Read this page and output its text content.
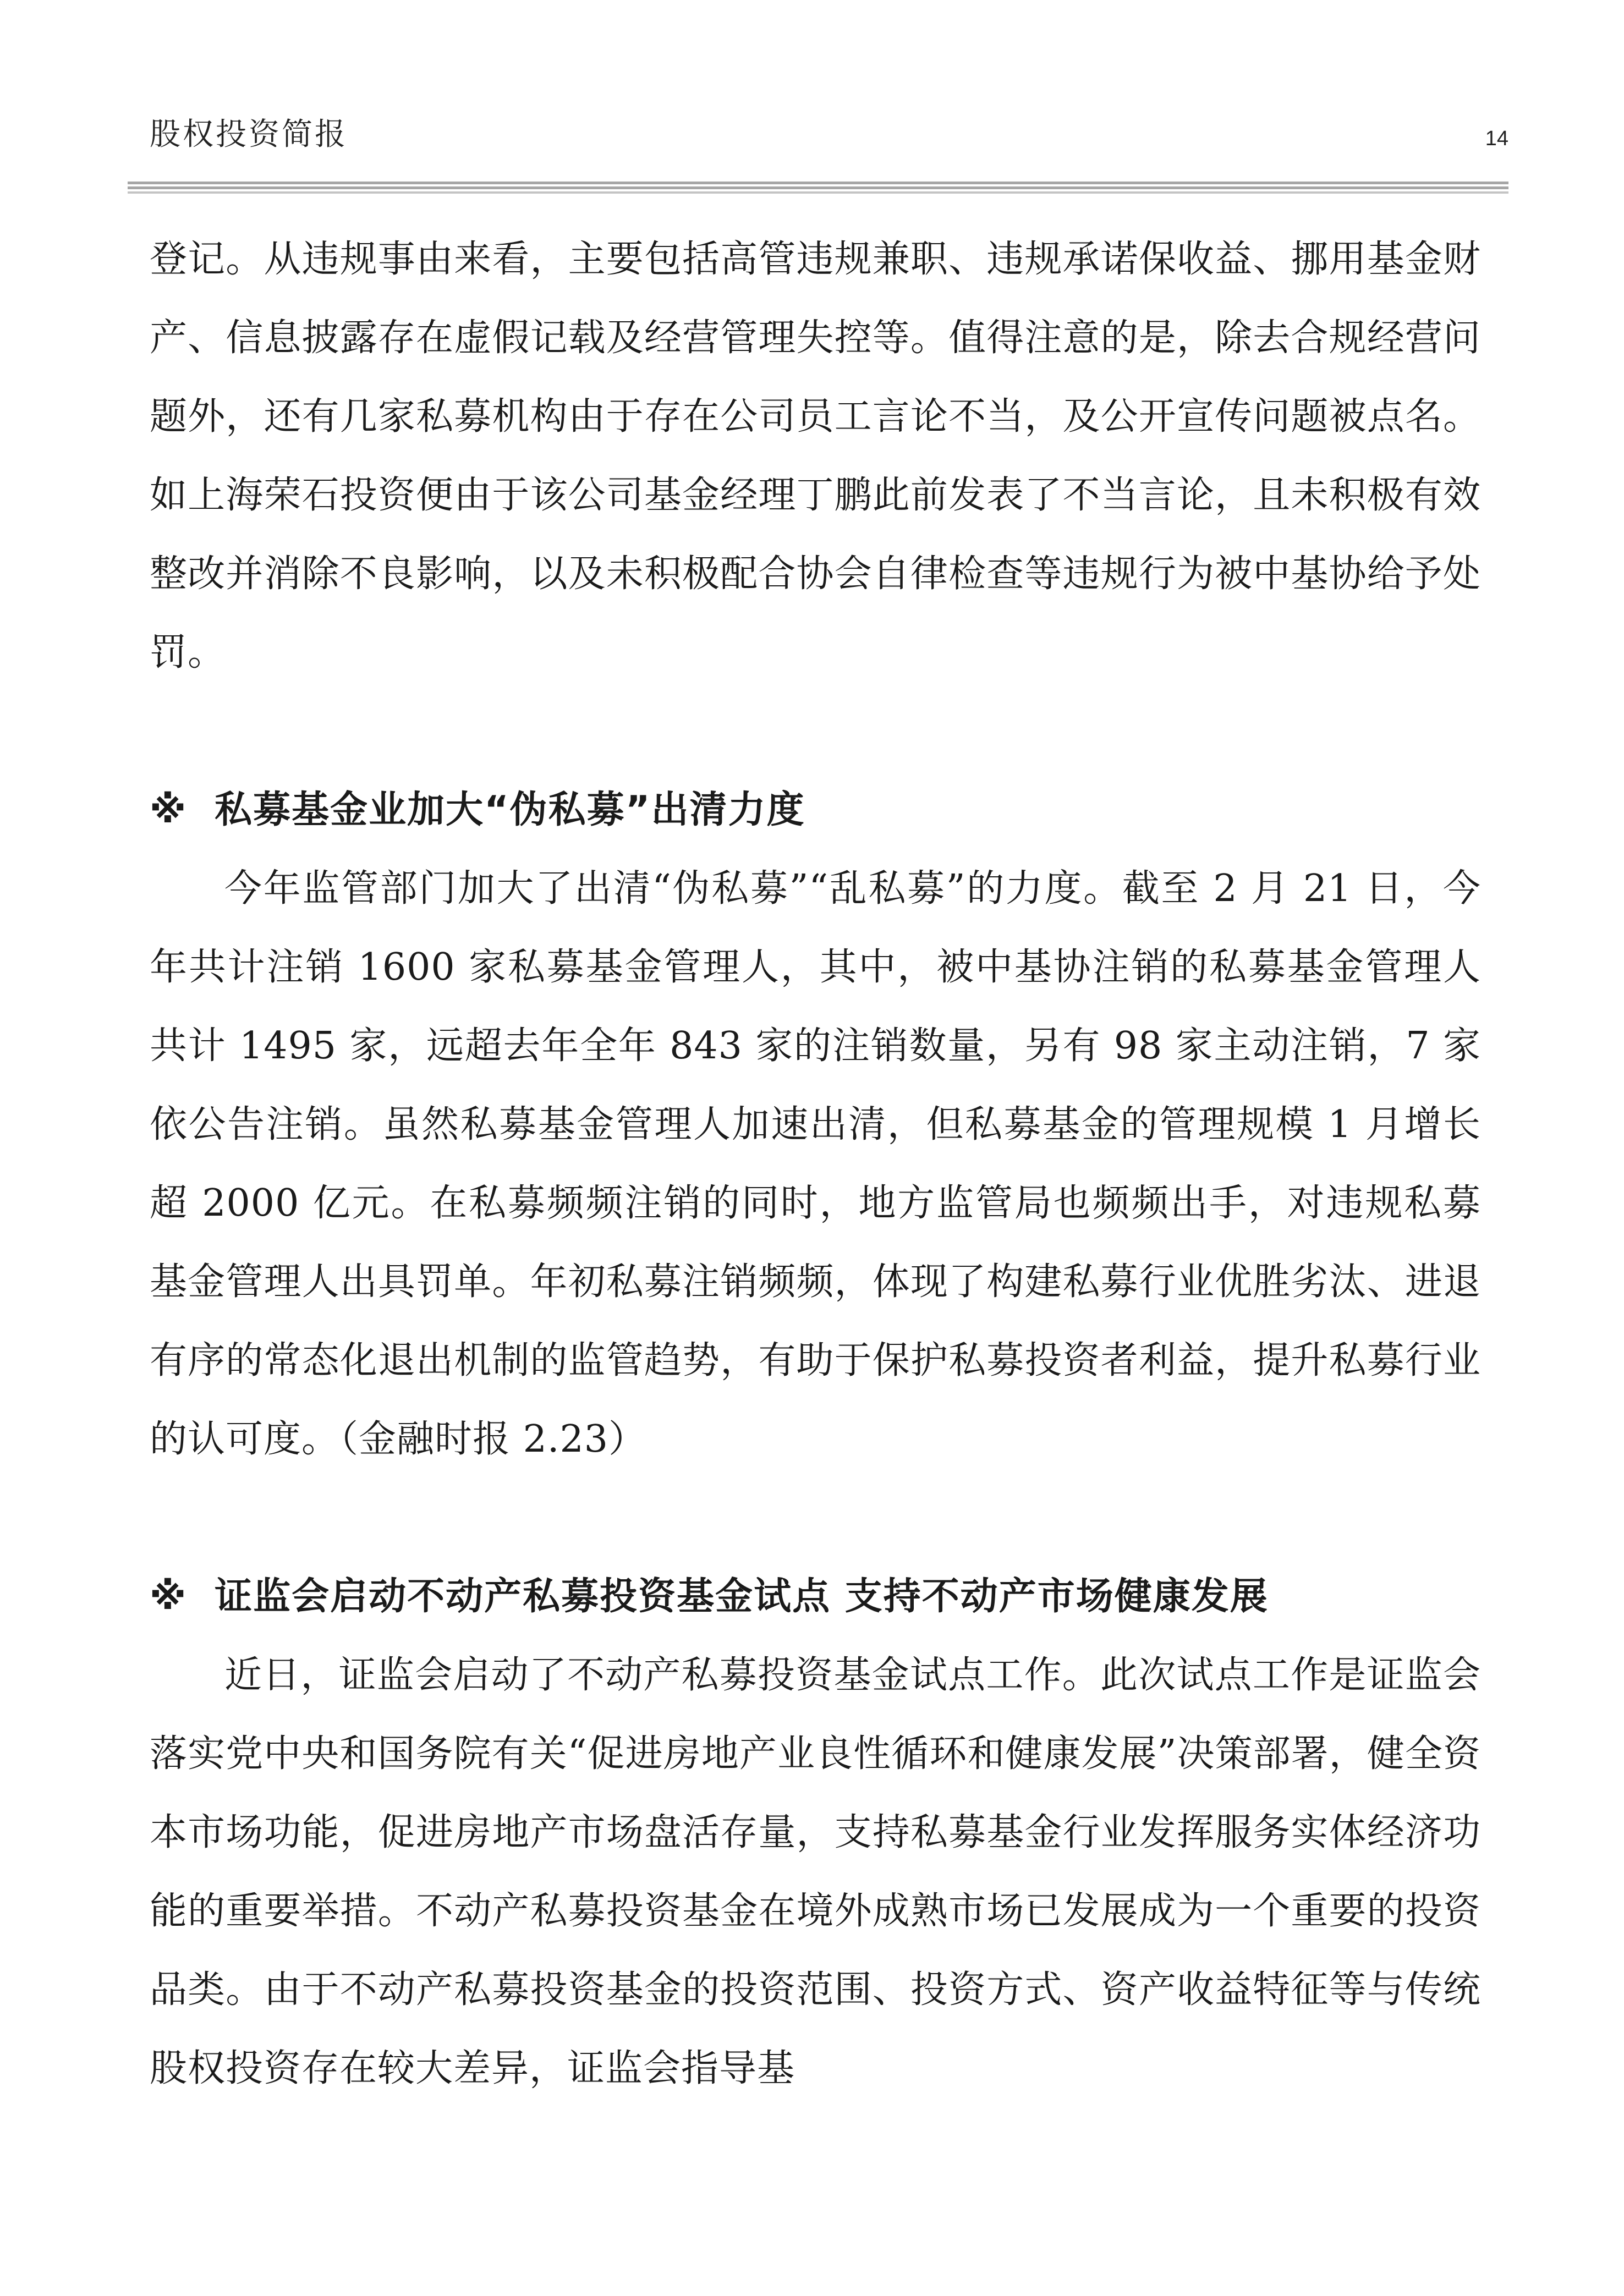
股权投资简报	14

登记。从违规事由来看，主要包括高管违规兼职、违规承诺保收益、挪用基金财产、信息披露存在虚假记载及经营管理失控等。值得注意的是，除去合规经营问题外，还有几家私募机构由于存在公司员工言论不当，及公开宣传问题被点名。如上海荣石投资便由于该公司基金经理丁鹏此前发表了不当言论，且未积极有效整改并消除不良影响，以及未积极配合协会自律检查等违规行为被中基协给予处罚。

※ 私募基金业加大“伪私募”出清力度

今年监管部门加大了出清“伪私募”“乱私募”的力度。截至 2 月 21 日，今年共计注销 1600 家私募基金管理人，其中，被中基协注销的私募基金管理人共计 1495 家，远超去年全年 843 家的注销数量，另有 98 家主动注销，7 家依公告注销。虽然私募基金管理人加速出清，但私募基金的管理规模 1 月增长超 2000 亿元。在私募频频注销的同时，地方监管局也频频出手，对违规私募基金管理人出具罚单。年初私募注销频频，体现了构建私募行业优胜劣汰、进退有序的常态化退出机制的监管趋势，有助于保护私募投资者利益，提升私募行业的认可度。（金融时报 2.23）

※ 证监会启动不动产私募投资基金试点 支持不动产市场健康发展

近日，证监会启动了不动产私募投资基金试点工作。此次试点工作是证监会落实党中央和国务院有关“促进房地产业良性循环和健康发展”决策部署，健全资本市场功能，促进房地产市场盘活存量，支持私募基金行业发挥服务实体经济功能的重要举措。不动产私募投资基金在境外成熟市场已发展成为一个重要的投资品类。由于不动产私募投资基金的投资范围、投资方式、资产收益特征等与传统股权投资存在较大差异，证监会指导基
